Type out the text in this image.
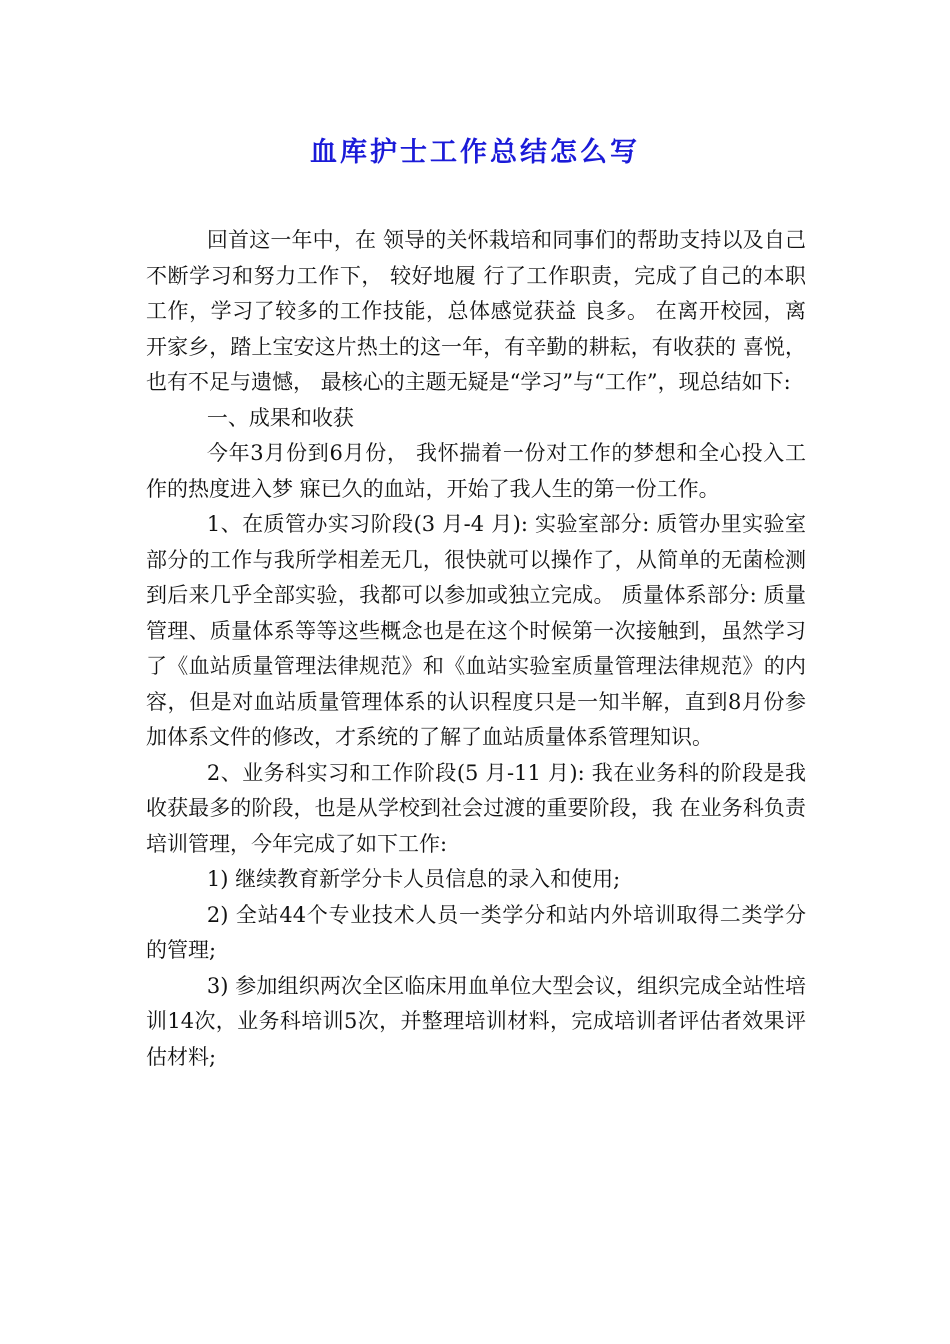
血库护士工作总结怎么写

回首这一年中，在 领导的关怀栽培和同事们的帮助支持以及自己不断学习和努力工作下， 较好地履 行了工作职责，完成了自己的本职工作，学习了较多的工作技能，总体感觉获益 良多。 在离开校园，离开家乡，踏上宝安这片热土的这一年，有辛勤的耕耘，有收获的 喜悦， 也有不足与遗憾， 最核心的主题无疑是“学习”与“工作”，现总结如下:

一、成果和收获

今年3月份到6月份， 我怀揣着一份对工作的梦想和全心投入工作的热度进入梦 寐已久的血站，开始了我人生的第一份工作。

1、在质管办实习阶段(3 月-4 月): 实验室部分: 质管办里实验室部分的工作与我所学相差无几，很快就可以操作了，从简单的无菌检测到后来几乎全部实验，我都可以参加或独立完成。 质量体系部分: 质量管理、质量体系等等这些概念也是在这个时候第一次接触到，虽然学习了《血站质量管理法律规范》和《血站实验室质量管理法律规范》的内容，但是对血站质量管理体系的认识程度只是一知半解，直到8月份参加体系文件的修改，才系统的了解了血站质量体系管理知识。

2、业务科实习和工作阶段(5 月-11 月): 我在业务科的阶段是我收获最多的阶段，也是从学校到社会过渡的重要阶段，我 在业务科负责培训管理，今年完成了如下工作:

1) 继续教育新学分卡人员信息的录入和使用;

2) 全站44个专业技术人员一类学分和站内外培训取得二类学分的管理;

3) 参加组织两次全区临床用血单位大型会议，组织完成全站性培训14次，业务科培训5次，并整理培训材料，完成培训者评估者效果评估材料;
